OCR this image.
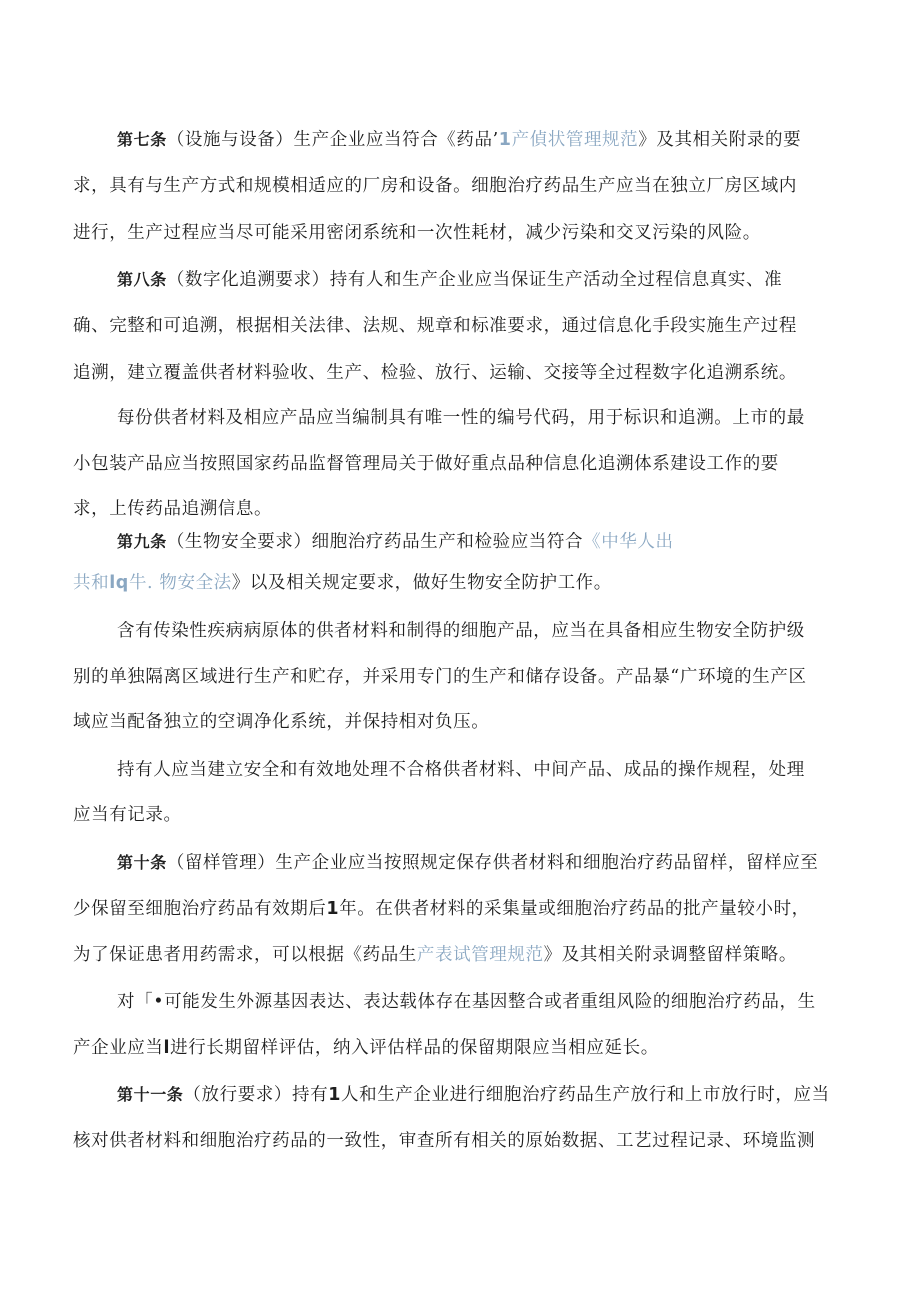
第七条（设施与设备）生产企业应当符合《药品’1产偵状管理规范》及其相关附录的要
求，具有与生产方式和规模相适应的厂房和设备。细胞治疗药品生产应当在独立厂房区域内
进行，生产过程应当尽可能采用密闭系统和一次性耗材，减少污染和交叉污染的风险。
第八条（数字化追溯要求）持有人和生产企业应当保证生产活动全过程信息真实、准
确、完整和可追溯，根据相关法律、法规、规章和标准要求，通过信息化手段实施生产过程
追溯，建立覆盖供者材料验收、生产、检验、放行、运输、交接等全过程数字化追溯系统。
每份供者材料及相应产品应当编制具有唯一性的编号代码，用于标识和追溯。上市的最
小包装产品应当按照国家药品监督管理局关于做好重点品种信息化追溯体系建设工作的要
求，上传药品追溯信息。
第九条（生物安全要求）细胞治疗药品生产和检验应当符合《中华人出
共和lq牛. 物安全法》以及相关规定要求，做好生物安全防护工作。
含有传染性疾病病原体的供者材料和制得的细胞产品，应当在具备相应生物安全防护级
别的单独隔离区域进行生产和贮存，并采用专门的生产和储存设备。产品暴“广环境的生产区
域应当配备独立的空调净化系统，并保持相对负压。
持有人应当建立安全和有效地处理不合格供者材料、中间产品、成品的操作规程，处理
应当有记录。
第十条（留样管理）生产企业应当按照规定保存供者材料和细胞治疗药品留样，留样应至
少保留至细胞治疗药品有效期后1年。在供者材料的采集量或细胞治疗药品的批产量较小时，
为了保证患者用药需求，可以根据《药品生产表试管理规范》及其相关附录调整留样策略。
对「•可能发生外源基因表达、表达载体存在基因整合或者重组风险的细胞治疗药品，生
产企业应当l进行长期留样评估，纳入评估样品的保留期限应当相应延长。
第十一条（放行要求）持有1人和生产企业进行细胞治疗药品生产放行和上市放行时，应当
核对供者材料和细胞治疗药品的一致性，审查所有相关的原始数据、工艺过程记录、环境监测
